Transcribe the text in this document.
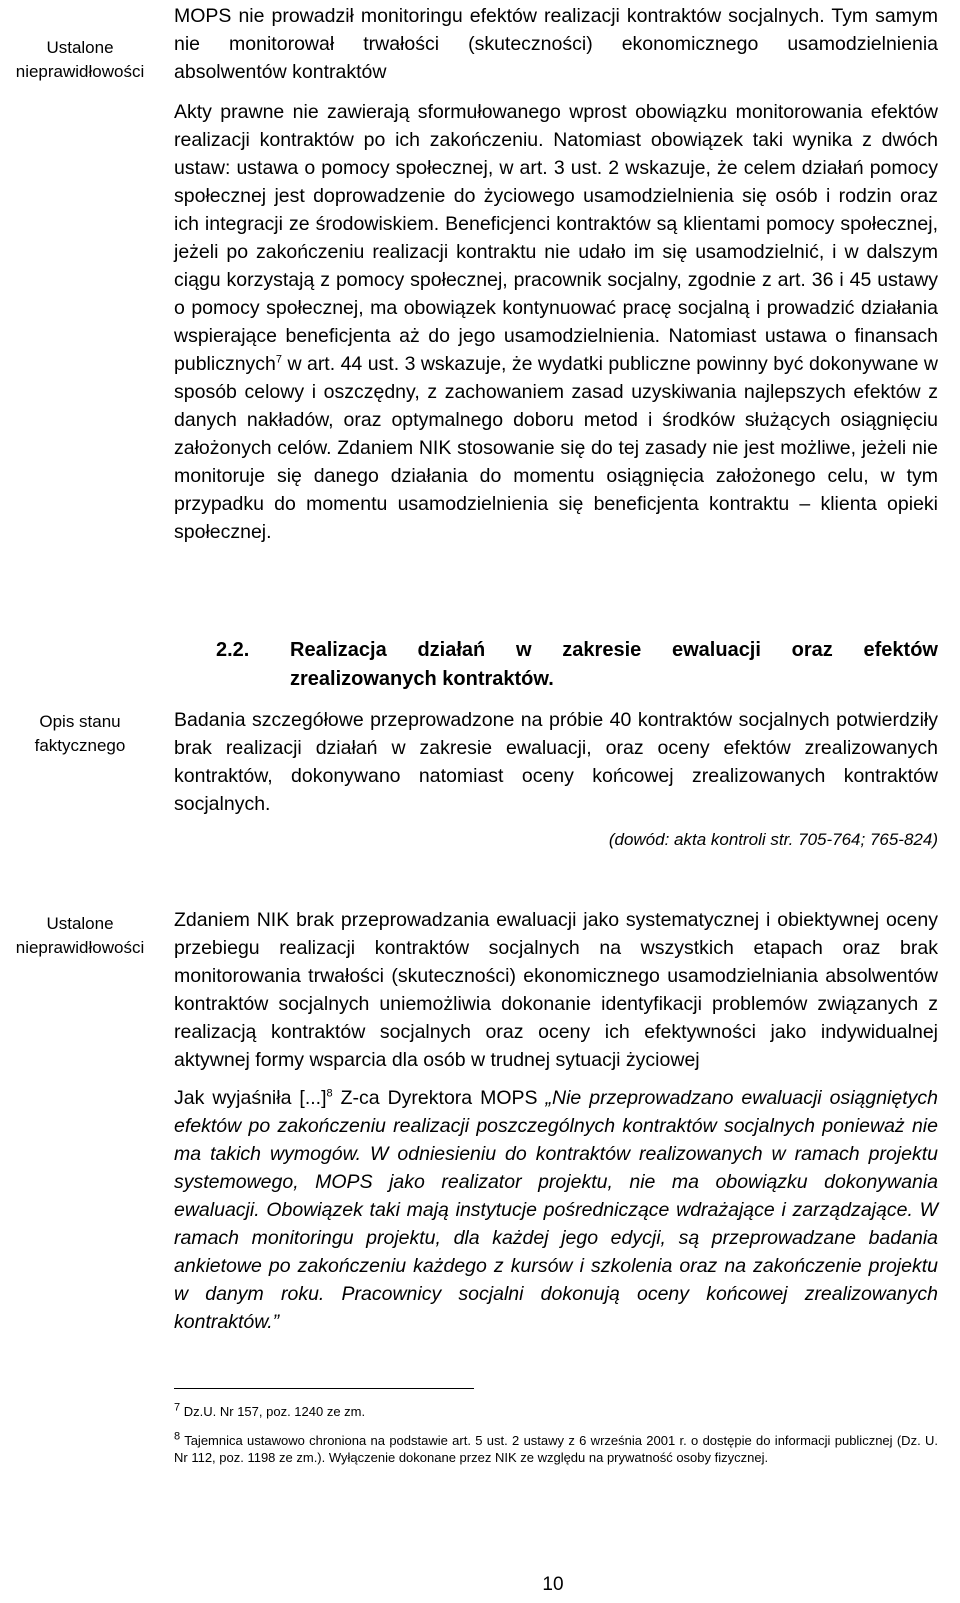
Ustalone nieprawidłowości

MOPS nie prowadził monitoringu efektów realizacji kontraktów socjalnych. Tym samym nie monitorował trwałości (skuteczności) ekonomicznego usamodzielnienia absolwentów kontraktów

Akty prawne nie zawierają sformułowanego wprost obowiązku monitorowania efektów realizacji kontraktów po ich zakończeniu. Natomiast obowiązek taki wynika z dwóch ustaw: ustawa o pomocy społecznej, w art. 3 ust. 2 wskazuje, że celem działań pomocy społecznej jest doprowadzenie do życiowego usamodzielnienia się osób i rodzin oraz ich integracji ze środowiskiem. Beneficjenci kontraktów są klientami pomocy społecznej, jeżeli po zakończeniu realizacji kontraktu nie udało im się usamodzielnić, i w dalszym ciągu korzystają z pomocy społecznej, pracownik socjalny, zgodnie z art. 36 i 45 ustawy o pomocy społecznej, ma obowiązek kontynuować pracę socjalną i prowadzić działania wspierające beneficjenta aż do jego usamodzielnienia. Natomiast ustawa o finansach publicznych$^7$ w art. 44 ust. 3 wskazuje, że wydatki publiczne powinny być dokonywane w sposób celowy i oszczędny, z zachowaniem zasad uzyskiwania najlepszych efektów z danych nakładów, oraz optymalnego doboru metod i środków służących osiągnięciu założonych celów. Zdaniem NIK stosowanie się do tej zasady nie jest możliwe, jeżeli nie monitoruje się danego działania do momentu osiągnięcia założonego celu, w tym przypadku do momentu usamodzielnienia się beneficjenta kontraktu – klienta opieki społecznej.

2.2.	Realizacja działań w zakresie ewaluacji oraz efektów zrealizowanych kontraktów.
Opis stanu faktycznego

Badania szczegółowe przeprowadzone na próbie 40 kontraktów socjalnych potwierdziły brak realizacji działań w zakresie ewaluacji, oraz oceny efektów zrealizowanych kontraktów, dokonywano natomiast oceny końcowej zrealizowanych kontraktów socjalnych.

(dowód: akta kontroli str. 705-764; 765-824)
Ustalone nieprawidłowości

Zdaniem NIK brak przeprowadzania ewaluacji jako systematycznej i obiektywnej oceny przebiegu realizacji kontraktów socjalnych na wszystkich etapach oraz brak monitorowania trwałości (skuteczności) ekonomicznego usamodzielniania absolwentów kontraktów socjalnych uniemożliwia dokonanie identyfikacji problemów związanych z realizacją kontraktów socjalnych oraz oceny ich efektywności jako indywidualnej aktywnej formy wsparcia dla osób w trudnej sytuacji życiowej

Jak wyjaśniła [...]$^8$ Z-ca Dyrektora MOPS „Nie przeprowadzano ewaluacji osiągniętych efektów po zakończeniu realizacji poszczególnych kontraktów socjalnych ponieważ nie ma takich wymogów. W odniesieniu do kontraktów realizowanych w ramach projektu systemowego, MOPS jako realizator projektu, nie ma obowiązku dokonywania ewaluacji. Obowiązek taki mają instytucje pośredniczące wdrażające i zarządzające. W ramach monitoringu projektu, dla każdej jego edycji, są przeprowadzane badania ankietowe po zakończeniu każdego z kursów i szkolenia oraz na zakończenie projektu w danym roku. Pracownicy socjalni dokonują oceny końcowej zrealizowanych kontraktów.”

$^7$ Dz.U. Nr 157, poz. 1240 ze zm.
$^8$ Tajemnica ustawowo chroniona na podstawie art. 5 ust. 2 ustawy z 6 września 2001 r. o dostępie do informacji publicznej (Dz. U. Nr 112, poz. 1198 ze zm.). Wyłączenie dokonane przez NIK ze względu na prywatność osoby fizycznej.
10
